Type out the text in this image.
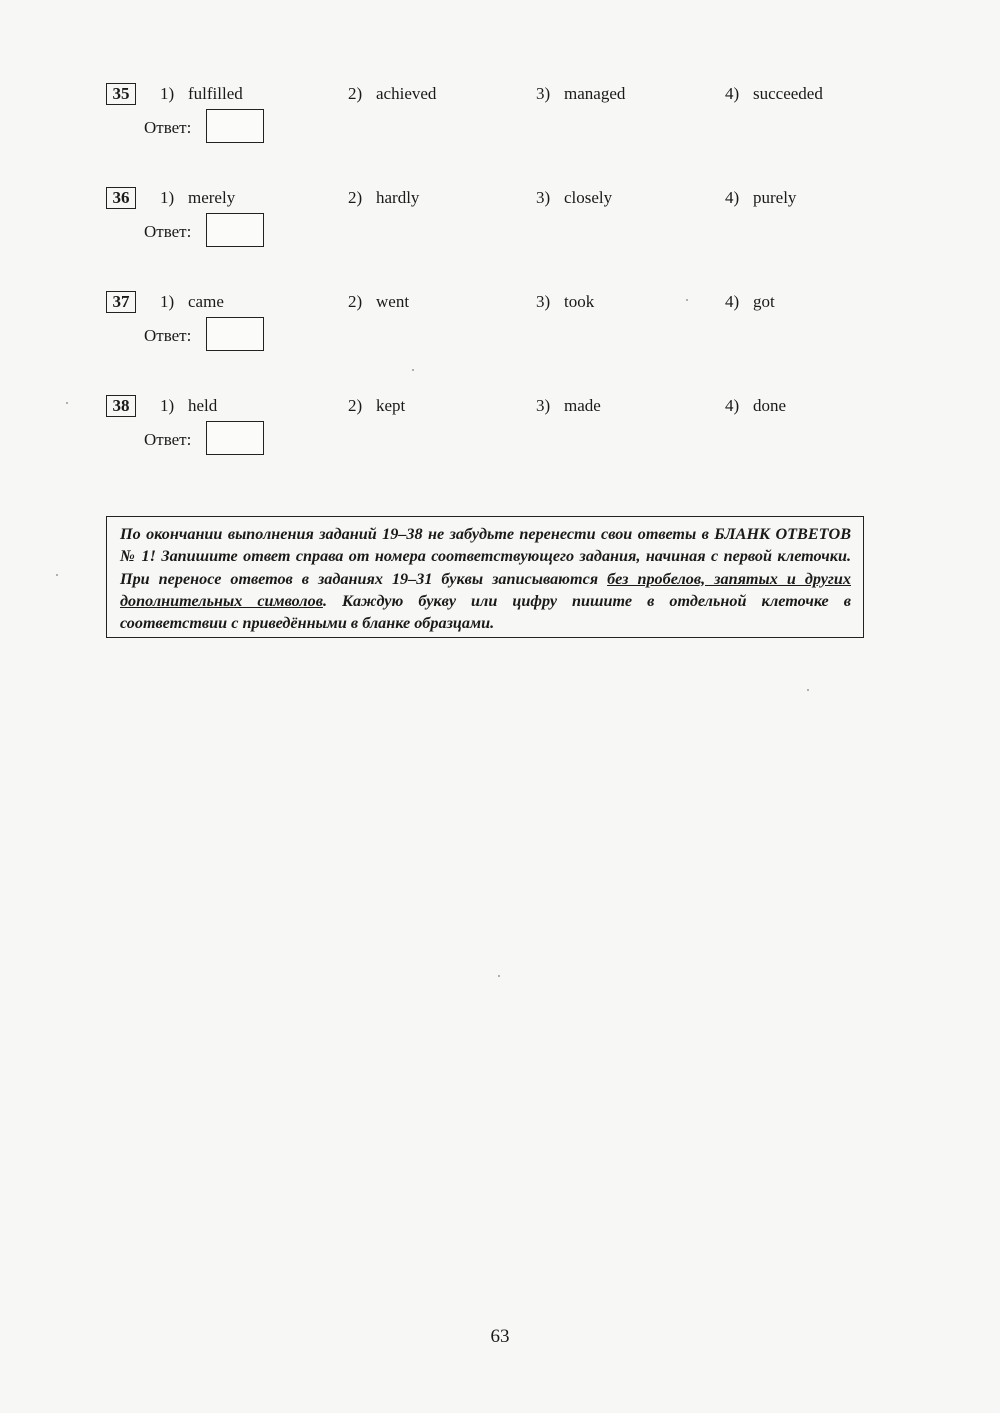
35	1) fulfilled	2) achieved	3) managed	4) succeeded
Ответ:
36	1) merely	2) hardly	3) closely	4) purely
Ответ:
37	1) came	2) went	3) took	4) got
Ответ:
38	1) held	2) kept	3) made	4) done
Ответ:
По окончании выполнения заданий 19–38 не забудьте перенести свои ответы в БЛАНК ОТВЕТОВ № 1! Запишите ответ справа от номера соответствующего задания, начиная с первой клеточки. При переносе ответов в заданиях 19–31 буквы записываются без пробелов, запятых и других дополнительных символов. Каждую букву или цифру пишите в отдельной клеточке в соответствии с приведёнными в бланке образцами.
63
